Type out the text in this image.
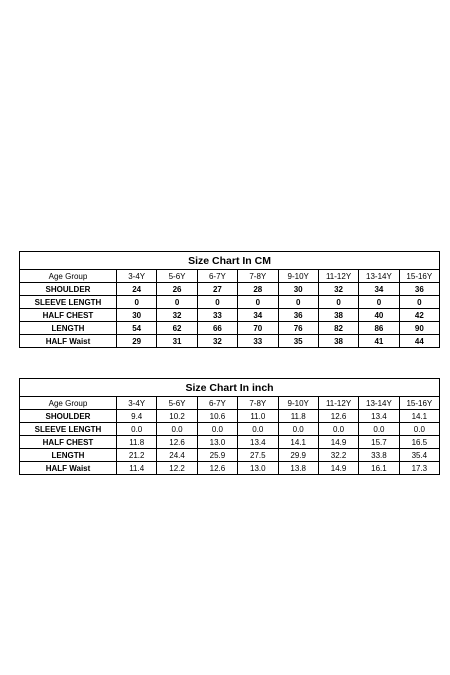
Size Chart In CM								
Age Group	3-4Y	5-6Y	6-7Y	7-8Y	9-10Y	11-12Y	13-14Y	15-16Y
SHOULDER	24	26	27	28	30	32	34	36
SLEEVE LENGTH	0	0	0	0	0	0	0	0
HALF CHEST	30	32	33	34	36	38	40	42
LENGTH	54	62	66	70	76	82	86	90
HALF Waist	29	31	32	33	35	38	41	44
Size Chart In inch								
Age Group	3-4Y	5-6Y	6-7Y	7-8Y	9-10Y	11-12Y	13-14Y	15-16Y
SHOULDER	9.4	10.2	10.6	11.0	11.8	12.6	13.4	14.1
SLEEVE LENGTH	0.0	0.0	0.0	0.0	0.0	0.0	0.0	0.0
HALF CHEST	11.8	12.6	13.0	13.4	14.1	14.9	15.7	16.5
LENGTH	21.2	24.4	25.9	27.5	29.9	32.2	33.8	35.4
HALF Waist	11.4	12.2	12.6	13.0	13.8	14.9	16.1	17.3
